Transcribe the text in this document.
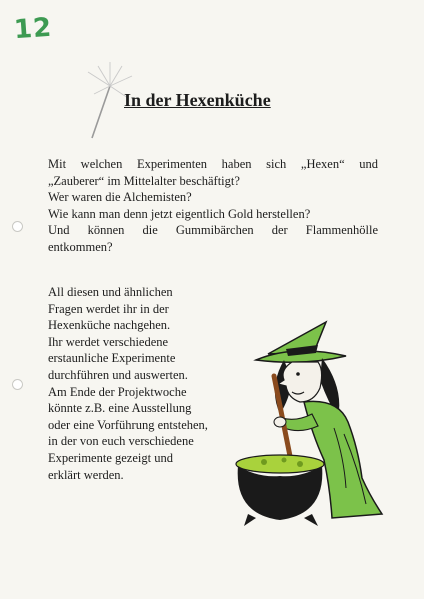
12
In der Hexenküche

Mit welchen Experimenten haben sich „Hexen“ und
„Zauberer“ im Mittelalter beschäftigt?
Wer waren die Alchemisten?
Wie kann man denn jetzt eigentlich Gold herstellen?
Und können die Gummibärchen der Flammenhölle
entkommen?

All diesen und ähnlichen
Fragen werdet ihr in der
Hexenküche nachgehen.
Ihr werdet verschiedene
erstaunliche Experimente
durchführen und auswerten.
Am Ende der Projektwoche
könnte z.B. eine Ausstellung
oder eine Vorführung entstehen,
in der von euch verschiedene
Experimente gezeigt und
erklärt werden.
